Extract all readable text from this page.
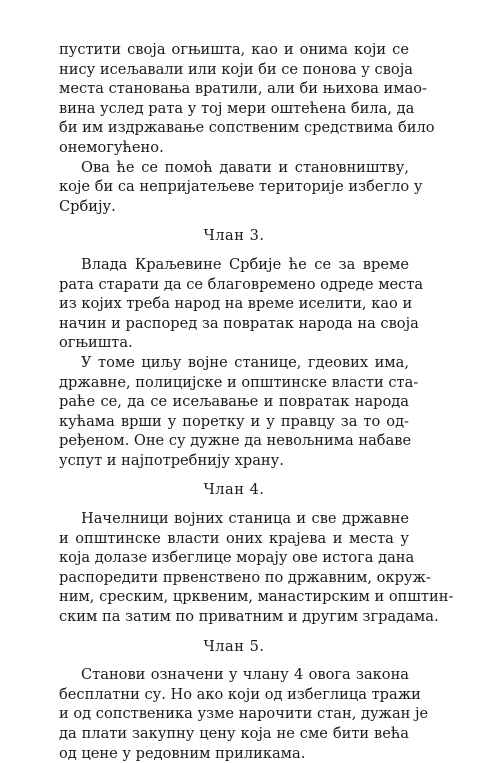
пустити своја огњишта, као и онима који се
нису исељавали или који би се понова у своја
места становања вратили, али би њихова имао-
вина услед рата у тој мери оштећена била, да
би им издржавање сопственим средствима било
онемогућено.
Ова ће се помоћ давати и становништву,
које би са непријатељеве територије избегло у
Србију.
Члан 3.
Влада Краљевине Србије ће се за време
рата старати да се благовремено одреде места
из којих треба народ на време иселити, као и
начин и распоред за повратак народа на своја
огњишта.
У томе циљу војне станице, гдеових има,
државне, полицијске и општинске власти ста-
раће се, да се исељавање и повратак народа
кућама врши у поретку и у правцу за то од-
ређеном. Оне су дужне да невољнима набаве
успут и најпотребнију храну.
Члан 4.
Начелници војних станица и све државне
и општинске власти оних крајева и места у
која долазе избеглице морају ове истога дана
распоредити првенствено по државним, окруж-
ним, среским, црквеним, манастирским и општин-
ским па затим по приватним и другим зградама.
Члан 5.
Станови означени у члану 4 овога закона
бесплатни су. Но ако који од избеглица тражи
и од сопственика узме нарочити стан, дужан је
да плати закупну цену која не сме бити већа
од цене у редовним приликама.
